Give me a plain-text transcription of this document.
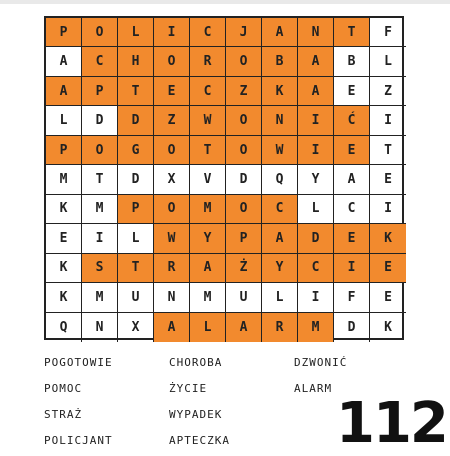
P	O	L	I	C	J	A	N	T	F
A	C	H	O	R	O	B	A	B	L
A	P	T	E	C	Z	K	A	E	Z
L	D	D	Z	W	O	N	I	Ć	I
P	O	G	O	T	O	W	I	E	T
M	T	D	X	V	D	Q	Y	A	E
K	M	P	O	M	O	C	L	C	I
E	I	L	W	Y	P	A	D	E	K
K	S	T	R	A	Ż	Y	C	I	E
K	M	U	N	M	U	L	I	F	E
Q	N	X	A	L	A	R	M	D	K
POGOTOWIE	CHOROBA	DZWONIĆ
POMOC	ŻYCIE	ALARM
STRAŻ	WYPADEK
POLICJANT	APTECZKA	112
